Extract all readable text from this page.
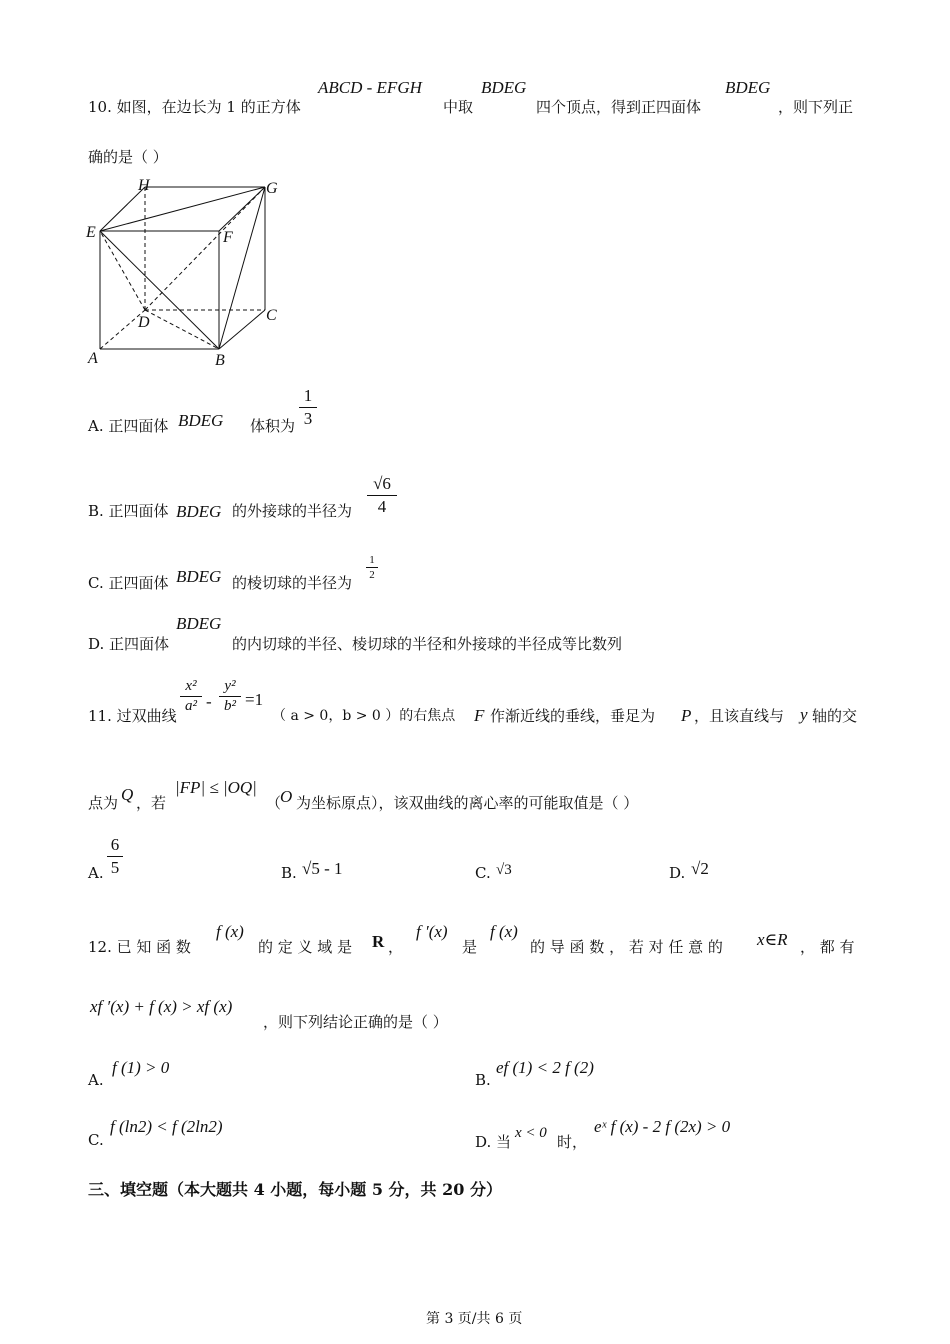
10. 如图，在边长为 1 的正方体
ABCD - EFGH
中取
BDEG
四个顶点，得到正四面体
BDEG
，则下列正
确的是（ ）
H	G
E	F
D	C
A	B
A. 正四面体 BDEG 体积为
1
3
B. 正四面体 BDEG 的外接球的半径为
√6
4
C. 正四面体 BDEG 的棱切球的半径为
1
2
D. 正四面体
BDEG
的内切球的半径、棱切球的半径和外接球的半径成等比数列
11. 过双曲线
x²
a² -
y²
b² =1
（ a > 0，b > 0 ）的右焦点 F 作渐近线的垂线，垂足为 P ，且该直线与 y 轴的交
点为 Q ，若
|FP| ≤ |OQ|
（
O 为坐标原点），该双曲线的离心率的可能取值是（ ）
A.
6
5	B. √5 - 1	C. √3	D. √2
12. 已 知 函 数
f (x)
的 定 义 域 是 R ，
f ′(x)
是
f (x)
的 导 函 数 ， 若 对 任 意 的 x∈R ， 都 有
xf ′(x) + f (x) > xf (x)
，则下列结论正确的是（ ）
A.
f (1) > 0
B.
ef (1) < 2 f (2)
C.
f (ln2) < f (2ln2)
D. 当 x < 0 时，
eˣ f (x) - 2 f (2x) > 0
三、填空题（本大题共 4 小题，每小题 5 分，共 20 分）
第 3 页/共 6 页
